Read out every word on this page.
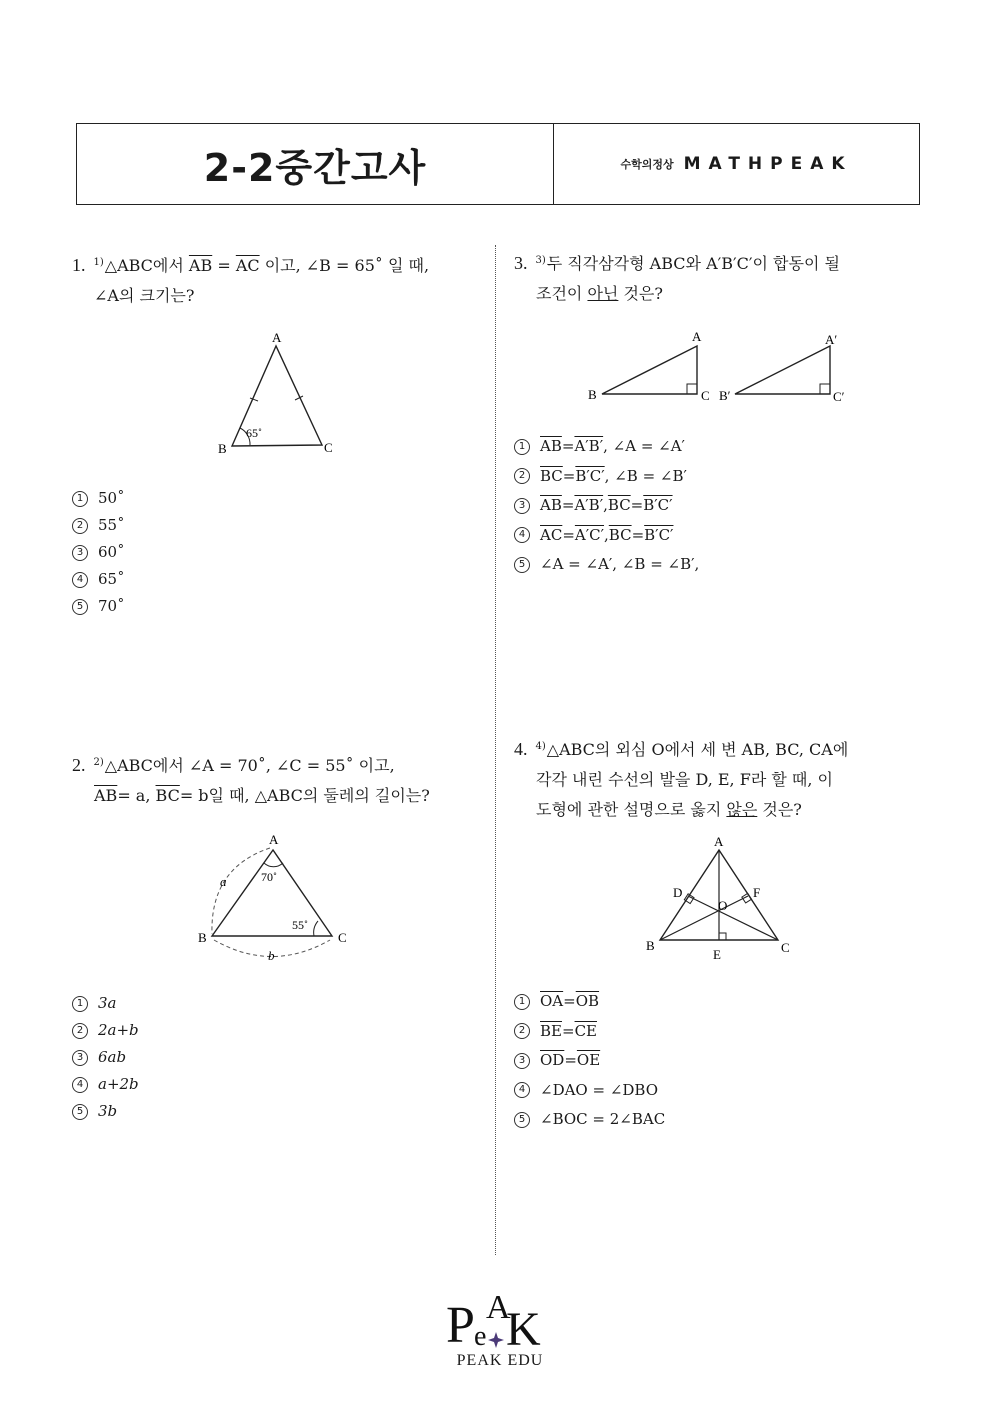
2-2중간고사	수학의정상 MATHPEAK
1. $^{1)}$△ABC에서 $\overline{AB} = \overline{AC}$ 이고, ∠B = 65˚ 일 때,
∠A의 크기는?
A
B	C
65˚
1 50˚
2 55˚
3 60˚
4 65˚
5 70˚
2. $^{2)}$△ABC에서 ∠A = 70˚, ∠C = 55˚ 이고,
$\overline{AB}= a$, $\overline{BC}= b$일 때, △ABC의 둘레의 길이는?
A
B	C
70˚
55˚
a
b
1 3a
2 2a+b
3 6ab
4 a+2b
5 3b
3. $^{3)}$두 직각삼각형 ABC와 A′B′C′이 합동이 될
조건이 아닌 것은?
A
B	C
A′
B′	C′
1 $\overline{AB} = A'B'$ , ∠A = ∠A′
2 $\overline{BC} = B'C'$ , ∠B = ∠B′
3 $\overline{AB} = A'B'$ , $\overline{BC} = B'C'$
4 $\overline{AC} = A'C'$ , $\overline{BC} = B'C'$
5 ∠A = ∠A′, ∠B = ∠B′,
4. $^{4)}$△ABC의 외심 O에서 세 변 AB, BC, CA에
각각 내린 수선의 발을 D, E, F라 할 때, 이
도형에 관한 설명으로 옳지 않은 것은?
A
B	C
D
E
F
O
1 $\overline{OA} = \overline{OB}$
2 $\overline{BE} = \overline{CE}$
3 $\overline{OD} = \overline{OE}$
4 ∠DAO = ∠DBO
5 ∠BOC = 2∠BAC
P e
A
K
PEAK EDU
